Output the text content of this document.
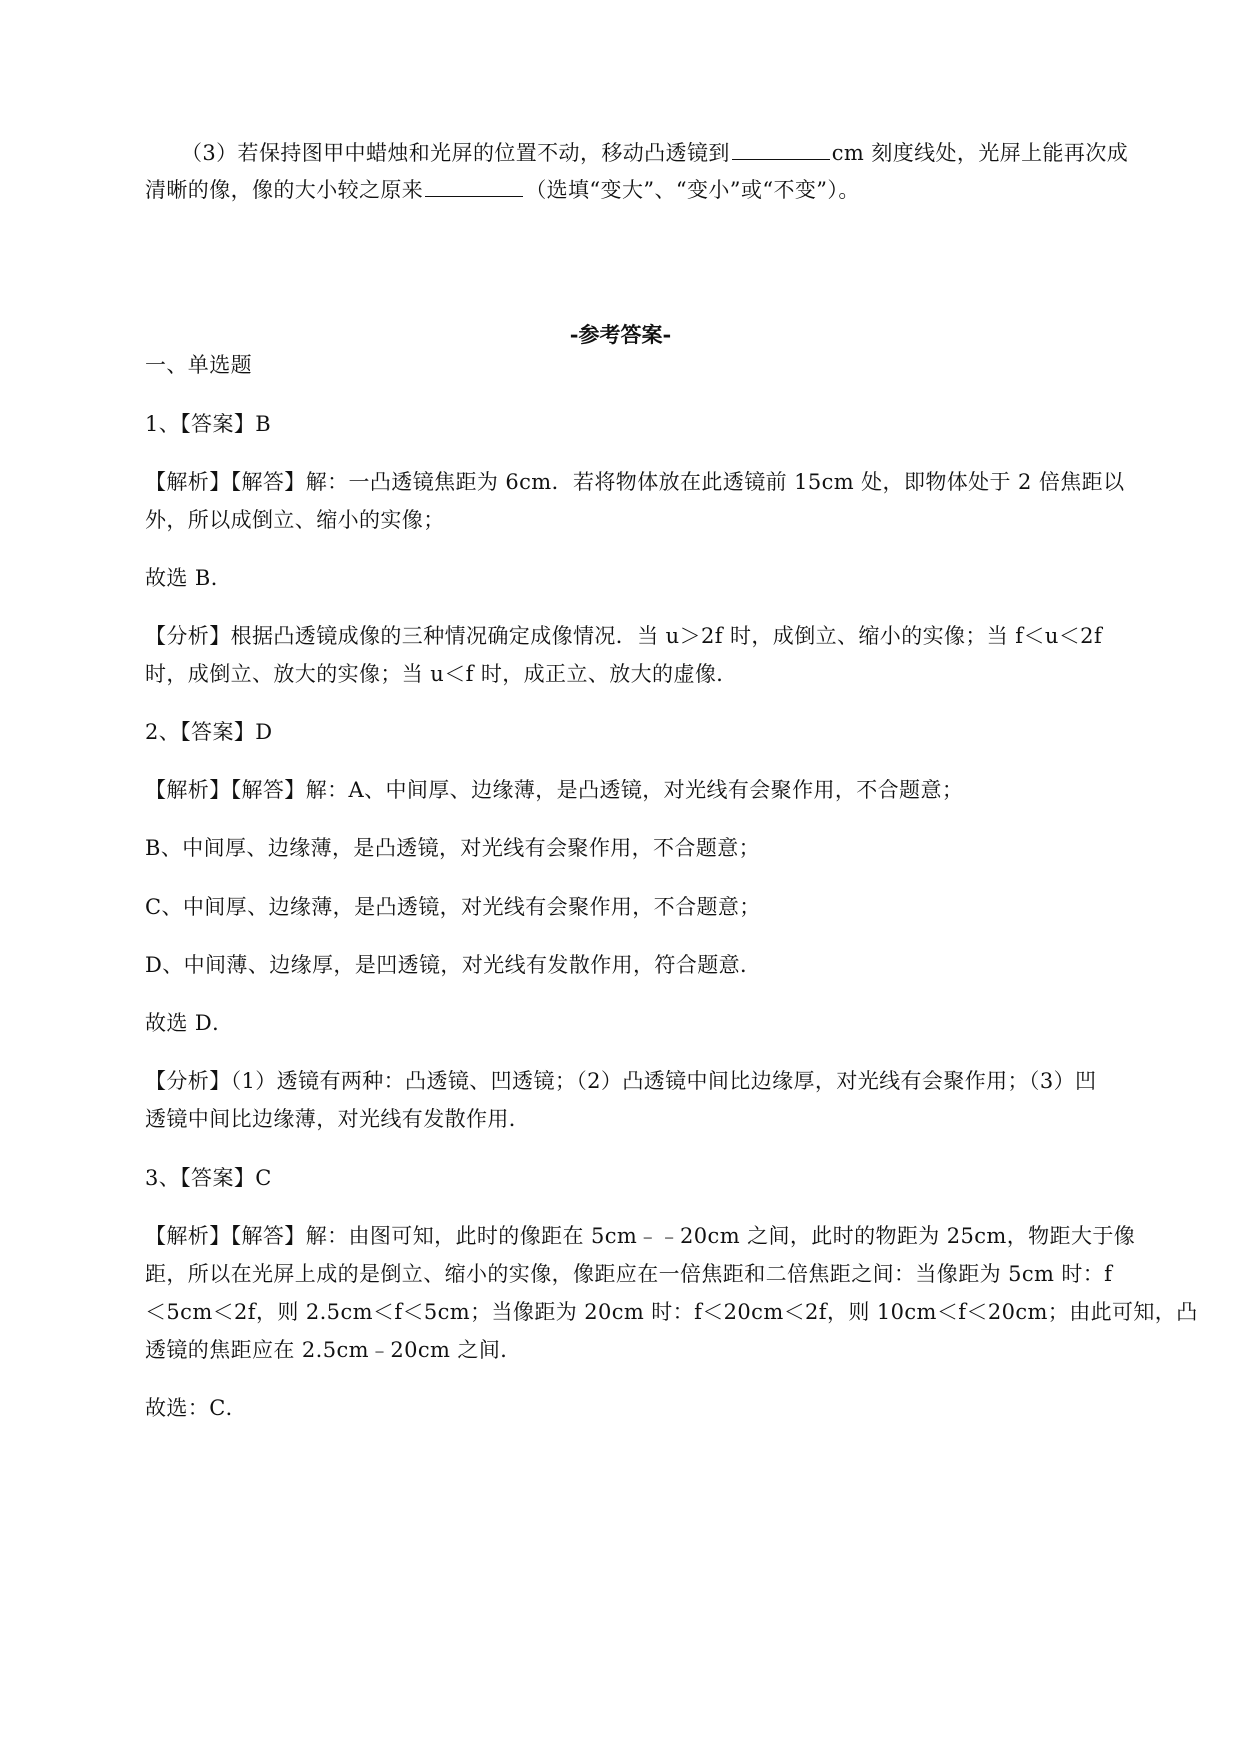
（3）若保持图甲中蜡烛和光屏的位置不动，移动凸透镜到	cm 刻度线处，光屏上能再次成
清晰的像，像的大小较之原来	（选填“变大”、“变小”或“不变”）。
-参考答案-
一、单选题
1、【答案】B
【解析】【解答】解：一凸透镜焦距为 6cm．若将物体放在此透镜前 15cm 处，即物体处于 2 倍焦距以
外，所以成倒立、缩小的实像；
故选 B．
【分析】根据凸透镜成像的三种情况确定成像情况．当 u＞2f 时，成倒立、缩小的实像；当 f＜u＜2f
时，成倒立、放大的实像；当 u＜f 时，成正立、放大的虚像．
2、【答案】D
【解析】【解答】解：A、中间厚、边缘薄，是凸透镜，对光线有会聚作用，不合题意；
B、中间厚、边缘薄，是凸透镜，对光线有会聚作用，不合题意；
C、中间厚、边缘薄，是凸透镜，对光线有会聚作用，不合题意；
D、中间薄、边缘厚，是凹透镜，对光线有发散作用，符合题意．
故选 D．
【分析】（1）透镜有两种：凸透镜、凹透镜；（2）凸透镜中间比边缘厚，对光线有会聚作用；（3）凹
透镜中间比边缘薄，对光线有发散作用．
3、【答案】C
【解析】【解答】解：由图可知，此时的像距在 5cm﹣﹣20cm 之间，此时的物距为 25cm，物距大于像
距，所以在光屏上成的是倒立、缩小的实像，像距应在一倍焦距和二倍焦距之间：当像距为 5cm 时：f
＜5cm＜2f，则 2.5cm＜f＜5cm；当像距为 20cm 时：f＜20cm＜2f，则 10cm＜f＜20cm；由此可知，凸
透镜的焦距应在 2.5cm﹣20cm 之间．
故选：C．
